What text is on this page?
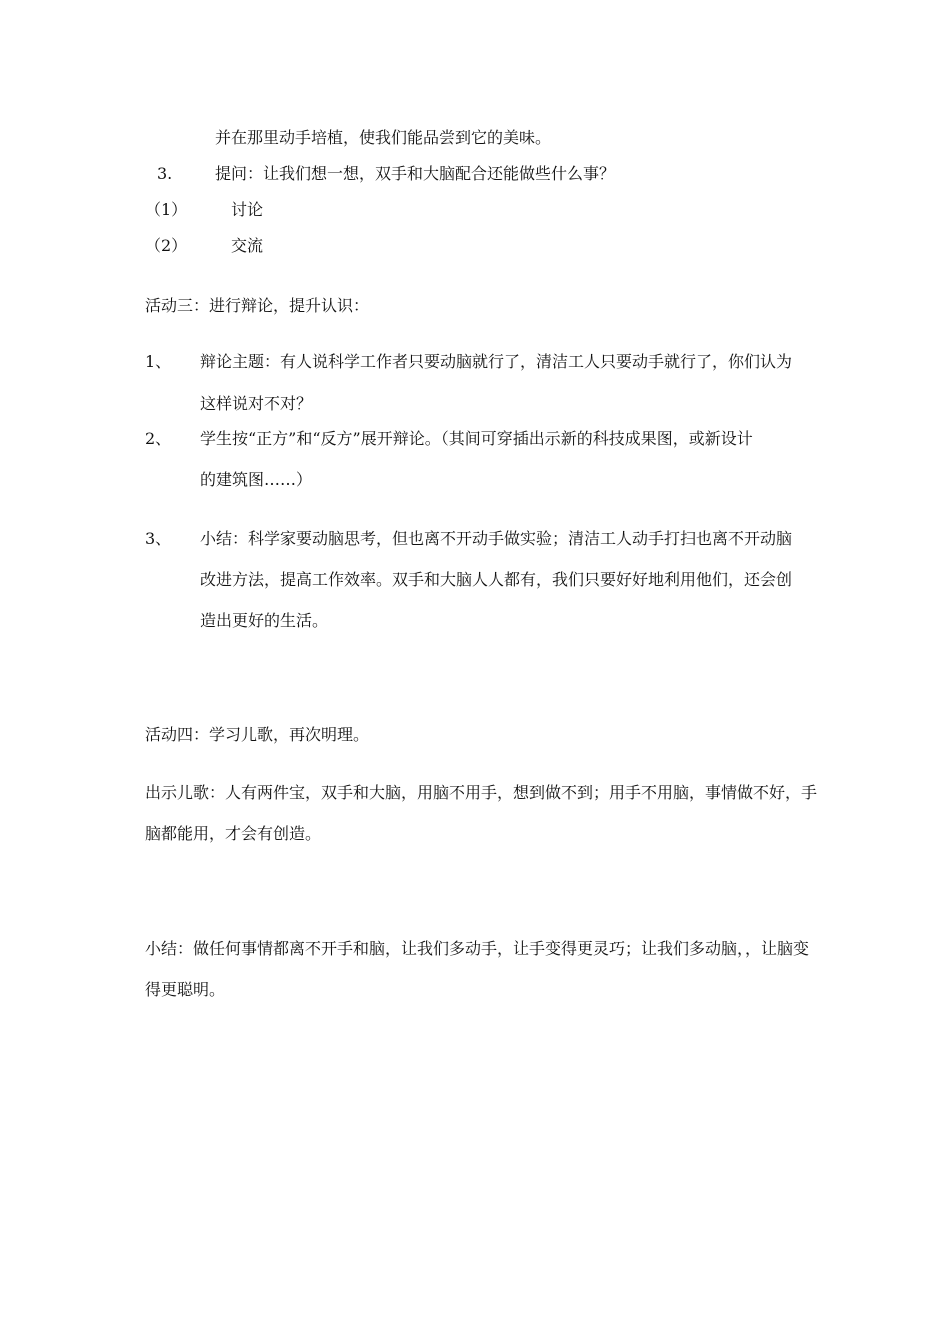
并在那里动手培植，使我们能品尝到它的美味。
3.	提问：让我们想一想，双手和大脑配合还能做些什么事？
（1）	讨论
（2）	交流
活动三：进行辩论，提升认识：
1、 辩论主题：有人说科学工作者只要动脑就行了，清洁工人只要动手就行了，你们认为
这样说对不对？
2、 学生按“正方”和“反方”展开辩论。（其间可穿插出示新的科技成果图，或新设计
的建筑图……）
3、 小结：科学家要动脑思考，但也离不开动手做实验；清洁工人动手打扫也离不开动脑
改进方法，提高工作效率。双手和大脑人人都有，我们只要好好地利用他们，还会创
造出更好的生活。
活动四：学习儿歌，再次明理。
出示儿歌：人有两件宝，双手和大脑，用脑不用手，想到做不到；用手不用脑，事情做不好，手
脑都能用，才会有创造。
小结：做任何事情都离不开手和脑，让我们多动手，让手变得更灵巧；让我们多动脑，，让脑变
得更聪明。
